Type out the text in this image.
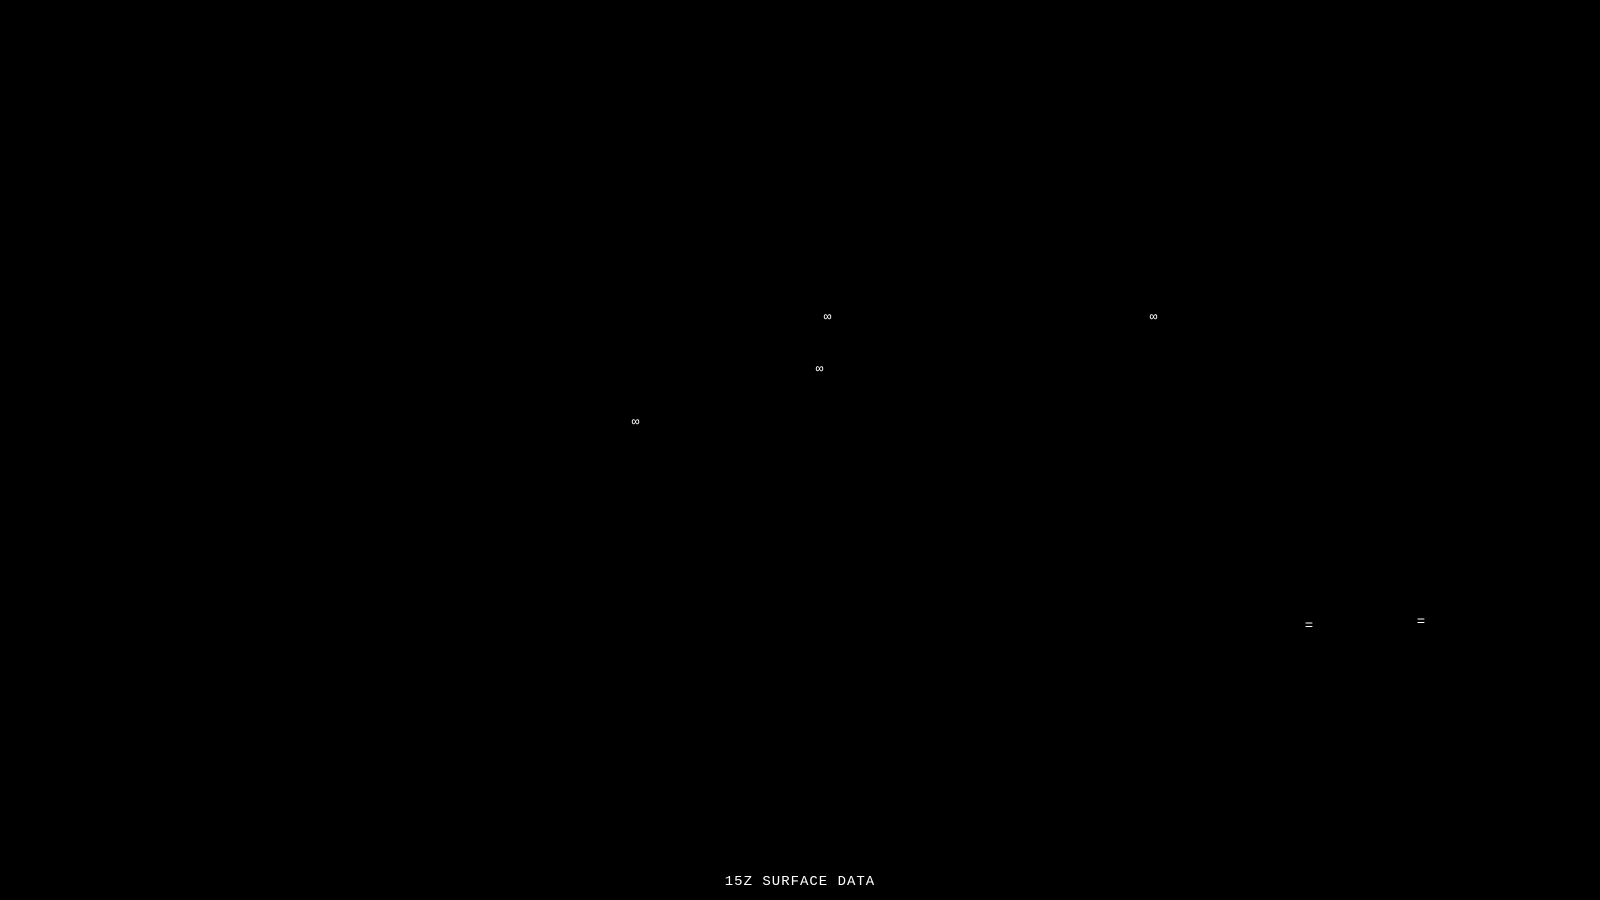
∞	∞
∞
∞
=	=
15Z SURFACE DATA
